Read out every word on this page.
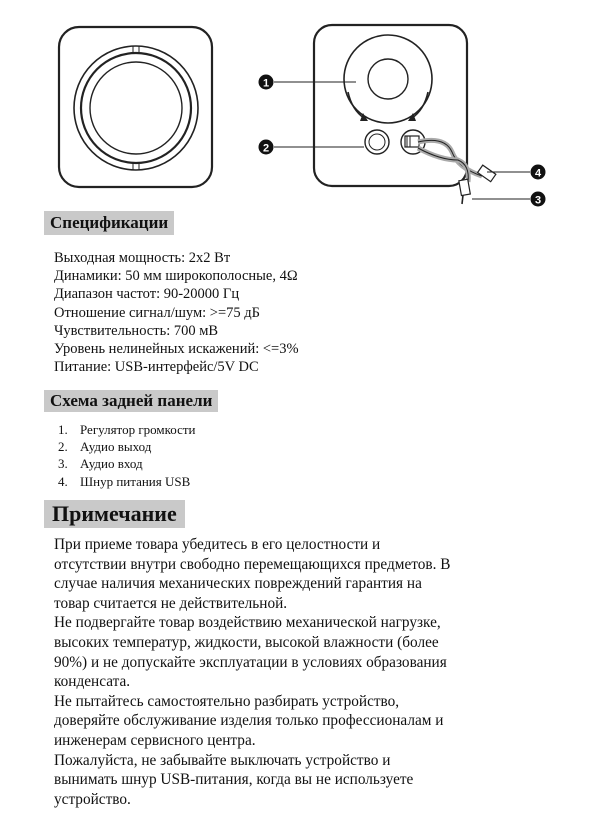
1
2
3
4
Спецификации
Выходная мощность: 2x2 Вт
Динамики: 50 мм широкополосные, 4Ω
Диапазон частот: 90-20000 Гц
Отношение сигнал/шум: >=75 дБ
Чувствительность: 700 мВ
Уровень нелинейных искажений: <=3%
Питание: USB-интерфейс/5V DC
Схема задней панели
1. Регулятор громкости
2. Аудио выход
3. Аудио вход
4. Шнур питания USB
Примечание

При приеме товара убедитесь в его целостности и

отсутствии внутри свободно перемещающихся предметов. В

случае наличия механических повреждений гарантия на

товар считается не действительной.

Не подвергайте товар воздействию механической нагрузке,

высоких температур, жидкости, высокой влажности (более

90%) и не допускайте эксплуатации в условиях образования

конденсата.

Не пытайтесь самостоятельно разбирать устройство,

доверяйте обслуживание изделия только профессионалам и

инженерам сервисного центра.

Пожалуйста, не забывайте выключать устройство и

вынимать шнур USB-питания, когда вы не используете

устройство.
